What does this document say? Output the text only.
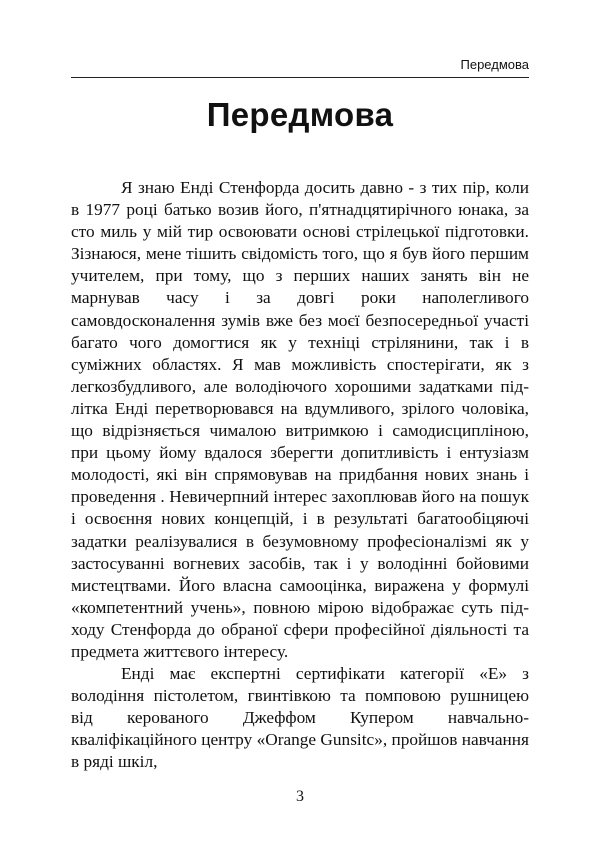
Передмова
Передмова

Я знаю Енді Стенфорда досить давно - з тих пір, коли в 1977 році батько возив його, п'ятнадцятирічного юнака, за сто миль у мій тир освоювати основі стрілецької підготовки. Зізнаюся, мене тішить свідомість того, що я був його першим учителем, при тому, що з перших наших занять він не марнував часу і за довгі роки наполегливого самовдосконалення зумів вже без моєї безпосередньої участі багато чого домогтися як у техніці стрілянини, так і в суміжних областях. Я мав можливість спостерігати, як з легкозбудливого, але володіючого хорошими задатками підлітка Енді перетворювався на вдумливого, зрілого чоловіка, що відрізняється чималою витримкою і самодисципліною, при цьому йому вдалося зберегти допитливість і ентузіазм молодості, які він спрямовував на придбання нових знань і проведення . Невичерпний інтерес захоплював його на пошук і освоєння нових концепцій, і в результаті багатообіцяючі задатки реалізувалися в безумовному професіоналізмі як у застосуванні вогневих засобів, так і у володінні бойовими мистецтвами. Його власна самооцінка, виражена у формулі «компетентний учень», повною мірою відображає суть підходу Стенфорда до обраної сфери професійної діяльності та предмета життєвого інтересу.

Енді має експертні сертифікати категорії «Е» з володіння пістолетом, гвинтівкою та помповою рушницею від керованого Джеффом Купером навчально-кваліфікаційного центру «Orange Gunsitc», пройшов навчання в ряді шкіл,

3
